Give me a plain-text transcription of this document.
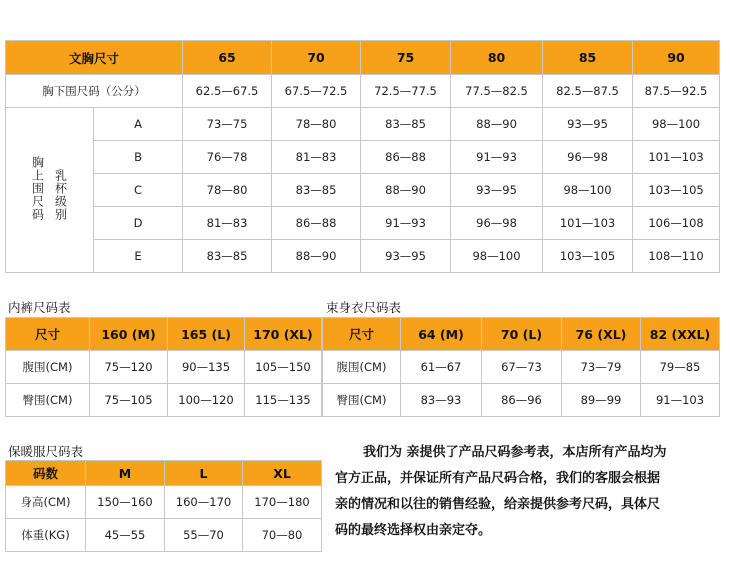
文胸尺寸		65	70	75	80	85	90
胸下围尺码（公分）		62.5—67.5	67.5—72.5	72.5—77.5	77.5—82.5	82.5—87.5	87.5—92.5
胸上围尺码 乳杯级别	A	73—75	78—80	83—85	88—90	93—95	98—100
	B	76—78	81—83	86—88	91—93	96—98	101—103
	C	78—80	83—85	88—90	93—95	98—100	103—105
	D	81—83	86—88	91—93	96—98	101—103	106—108
	E	83—85	88—90	93—95	98—100	103—105	108—110
内裤尺码表
尺寸	160 (M)	165 (L)	170 (XL)
腹围(CM)	75—120	90—135	105—150
臀围(CM)	75—105	100—120	115—135
束身衣尺码表
尺寸	64 (M)	70 (L)	76 (XL)	82 (XXL)
腹围(CM)	61—67	67—73	73—79	79—85
臀围(CM)	83—93	86—96	89—99	91—103
保暖服尺码表
码数	M	L	XL
身高(CM)	150—160	160—170	170—180
体重(KG)	45—55	55—70	70—80
我们为 亲提供了产品尺码参考表，本店所有产品均为
官方正品，并保证所有产品尺码合格，我们的客服会根据
亲的情况和以往的销售经验，给亲提供参考尺码，具体尺
码的最终选择权由亲定夺。
